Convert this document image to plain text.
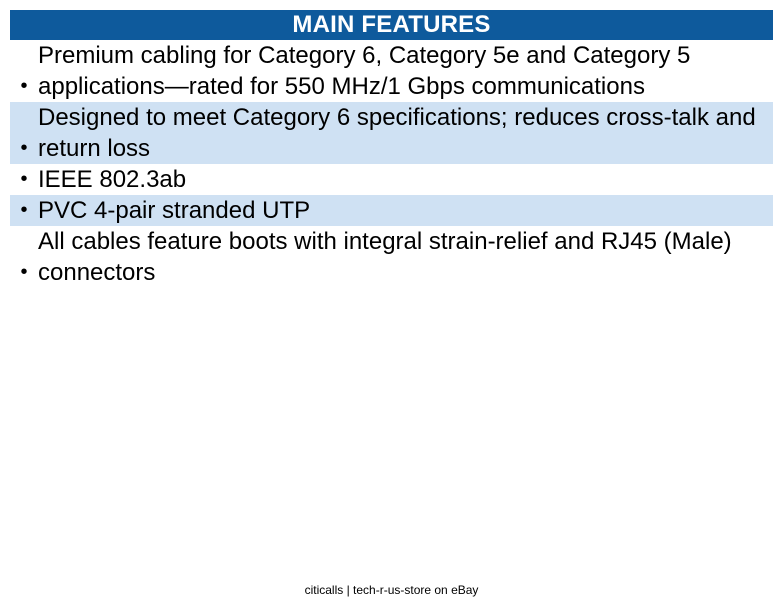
MAIN FEATURES
•
Premium cabling for Category 6, Category 5e and Category 5 applications—rated for 550 MHz/1 Gbps communications
•
Designed to meet Category 6 specifications; reduces cross-talk and return loss
• IEEE 802.3ab
• PVC 4-pair stranded UTP
•
All cables feature boots with integral strain-relief and RJ45 (Male) connectors
citicalls | tech-r-us-store on eBay
